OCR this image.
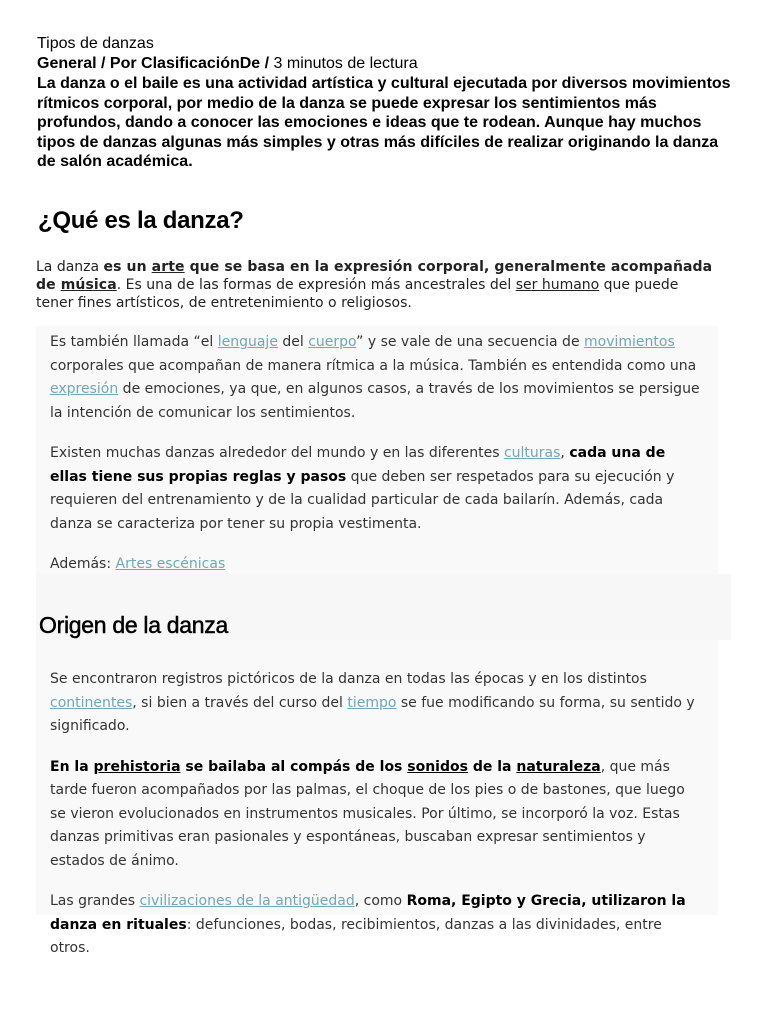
Tipos de danzas
General / Por ClasificaciónDe / 3 minutos de lectura

La danza o el baile es una actividad artística y cultural ejecutada por diversos movimientos rítmicos corporal, por medio de la danza se puede expresar los sentimientos más profundos, dando a conocer las emociones e ideas que te rodean. Aunque hay muchos tipos de danzas algunas más simples y otras más difíciles de realizar originando la danza de salón académica.

¿Qué es la danza?
La danza es un arte que se basa en la expresión corporal, generalmente acompañada de música. Es una de las formas de expresión más ancestrales del ser humano que puede tener fines artísticos, de entretenimiento o religiosos.

Es también llamada “el lenguaje del cuerpo” y se vale de una secuencia de movimientos corporales que acompañan de manera rítmica a la música. También es entendida como una expresión de emociones, ya que, en algunos casos, a través de los movimientos se persigue la intención de comunicar los sentimientos.

Existen muchas danzas alrededor del mundo y en las diferentes culturas, cada una de ellas tiene sus propias reglas y pasos que deben ser respetados para su ejecución y requieren del entrenamiento y de la cualidad particular de cada bailarín. Además, cada danza se caracteriza por tener su propia vestimenta.

Además: Artes escénicas

Origen de la danza

Se encontraron registros pictóricos de la danza en todas las épocas y en los distintos continentes, si bien a través del curso del tiempo se fue modificando su forma, su sentido y significado.

En la prehistoria se bailaba al compás de los sonidos de la naturaleza, que más tarde fueron acompañados por las palmas, el choque de los pies o de bastones, que luego se vieron evolucionados en instrumentos musicales. Por último, se incorporó la voz. Estas danzas primitivas eran pasionales y espontáneas, buscaban expresar sentimientos y estados de ánimo.

Las grandes civilizaciones de la antigüedad, como Roma, Egipto y Grecia, utilizaron la danza en rituales: defunciones, bodas, recibimientos, danzas a las divinidades, entre otros.
